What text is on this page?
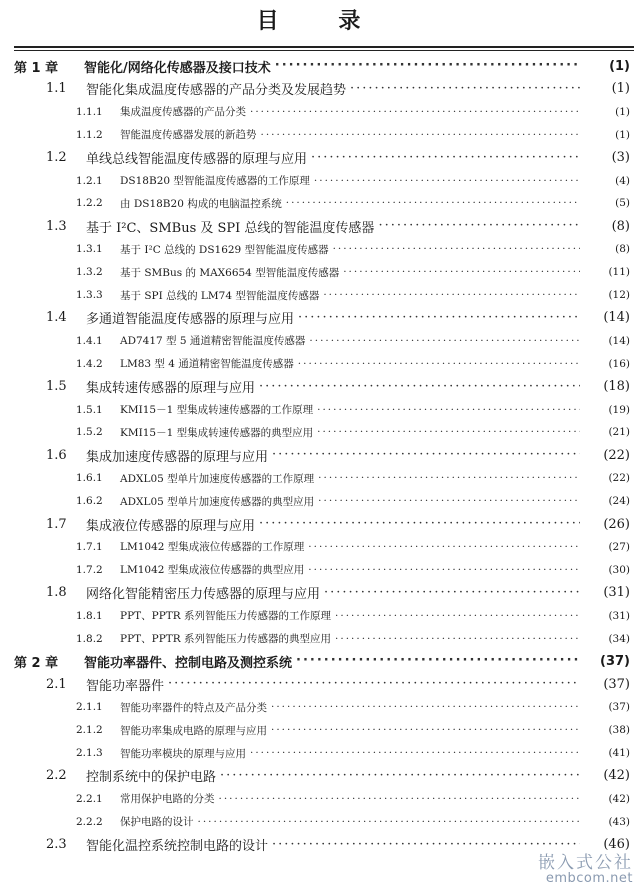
目 录
第 1 章	智能化/网络化传感器及接口技术 ·····	(1)
1.1	智能化集成温度传感器的产品分类及发展趋势 ·····	(1)
1.1.1	集成温度传感器的产品分类 ·····	(1)
1.1.2	智能温度传感器发展的新趋势 ·····	(1)
1.2	单线总线智能温度传感器的原理与应用 ·····	(3)
1.2.1	DS18B20 型智能温度传感器的工作原理 ·····	(4)
1.2.2	由 DS18B20 构成的电脑温控系统 ·····	(5)
1.3	基于 I²C、SMBus 及 SPI 总线的智能温度传感器 ·····	(8)
1.3.1	基于 I²C 总线的 DS1629 型智能温度传感器 ·····	(8)
1.3.2	基于 SMBus 的 MAX6654 型智能温度传感器 ·····	(11)
1.3.3	基于 SPI 总线的 LM74 型智能温度传感器 ·····	(12)
1.4	多通道智能温度传感器的原理与应用 ·····	(14)
1.4.1	AD7417 型 5 通道精密智能温度传感器 ·····	(14)
1.4.2	LM83 型 4 通道精密智能温度传感器 ·····	(16)
1.5	集成转速传感器的原理与应用 ·····	(18)
1.5.1	KMI15－1 型集成转速传感器的工作原理 ·····	(19)
1.5.2	KMI15－1 型集成转速传感器的典型应用 ·····	(21)
1.6	集成加速度传感器的原理与应用 ·····	(22)
1.6.1	ADXL05 型单片加速度传感器的工作原理 ·····	(22)
1.6.2	ADXL05 型单片加速度传感器的典型应用 ·····	(24)
1.7	集成液位传感器的原理与应用 ·····	(26)
1.7.1	LM1042 型集成液位传感器的工作原理 ·····	(27)
1.7.2	LM1042 型集成液位传感器的典型应用 ·····	(30)
1.8	网络化智能精密压力传感器的原理与应用 ·····	(31)
1.8.1	PPT、PPTR 系列智能压力传感器的工作原理 ·····	(31)
1.8.2	PPT、PPTR 系列智能压力传感器的典型应用 ·····	(34)
第 2 章	智能功率器件、控制电路及测控系统 ·····	(37)
2.1	智能功率器件 ·····	(37)
2.1.1	智能功率器件的特点及产品分类 ·····	(37)
2.1.2	智能功率集成电路的原理与应用 ·····	(38)
2.1.3	智能功率模块的原理与应用 ·····	(41)
2.2	控制系统中的保护电路 ·····	(42)
2.2.1	常用保护电路的分类 ·····	(42)
2.2.2	保护电路的设计 ·····	(43)
2.3	智能化温控系统控制电路的设计 ·····	(46)
嵌入式公社
embcom.net
